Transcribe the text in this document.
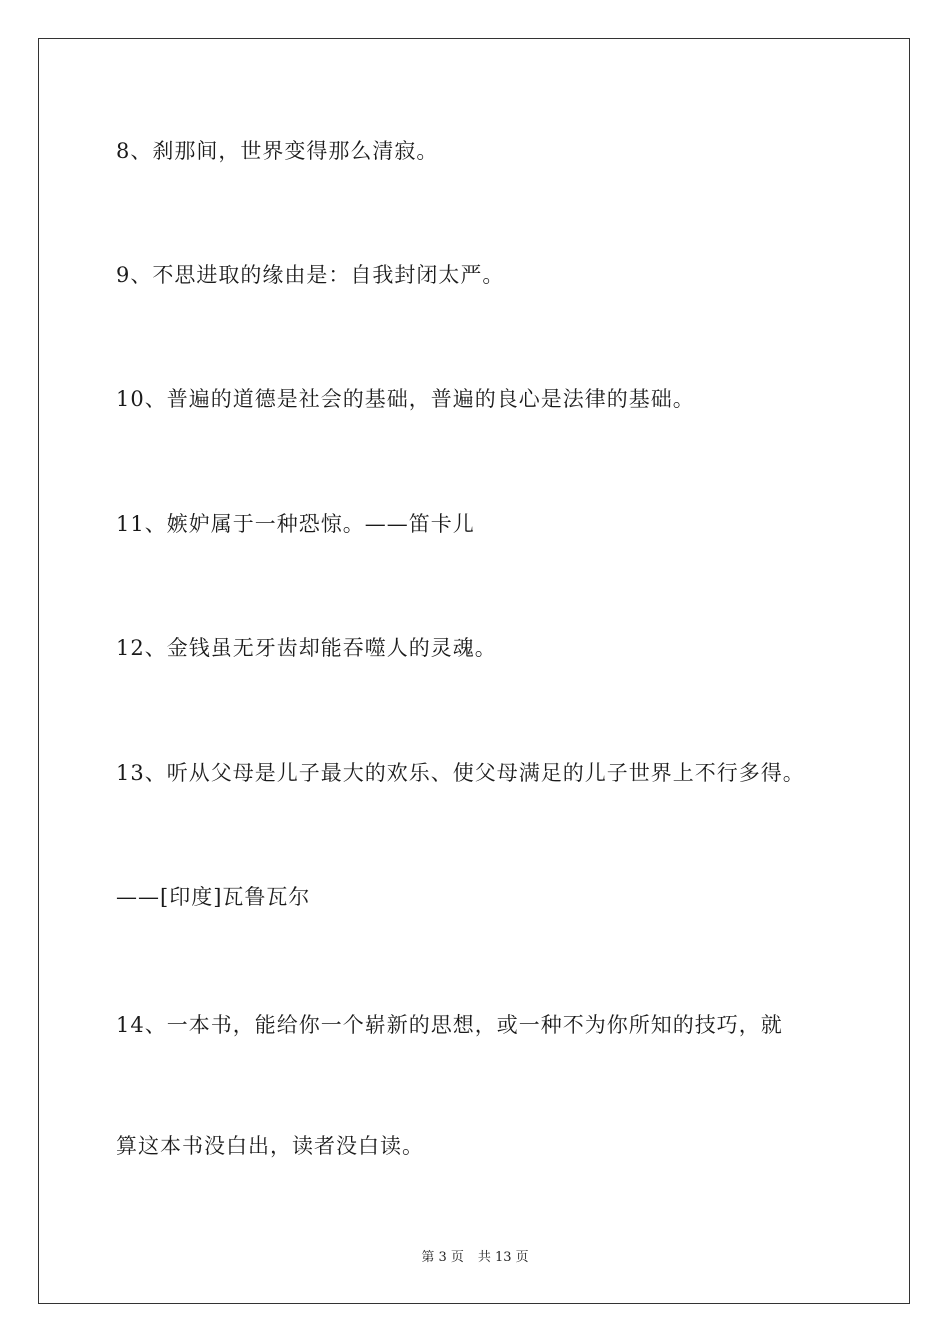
8、刹那间，世界变得那么清寂。
9、不思进取的缘由是：自我封闭太严。
10、普遍的道德是社会的基础，普遍的良心是法律的基础。
11、嫉妒属于一种恐惊。——笛卡儿
12、金钱虽无牙齿却能吞噬人的灵魂。
13、听从父母是儿子最大的欢乐、使父母满足的儿子世界上不行多得。
——[印度]瓦鲁瓦尔
14、一本书，能给你一个崭新的思想，或一种不为你所知的技巧，就
算这本书没白出，读者没白读。
第 3 页 共 13 页
